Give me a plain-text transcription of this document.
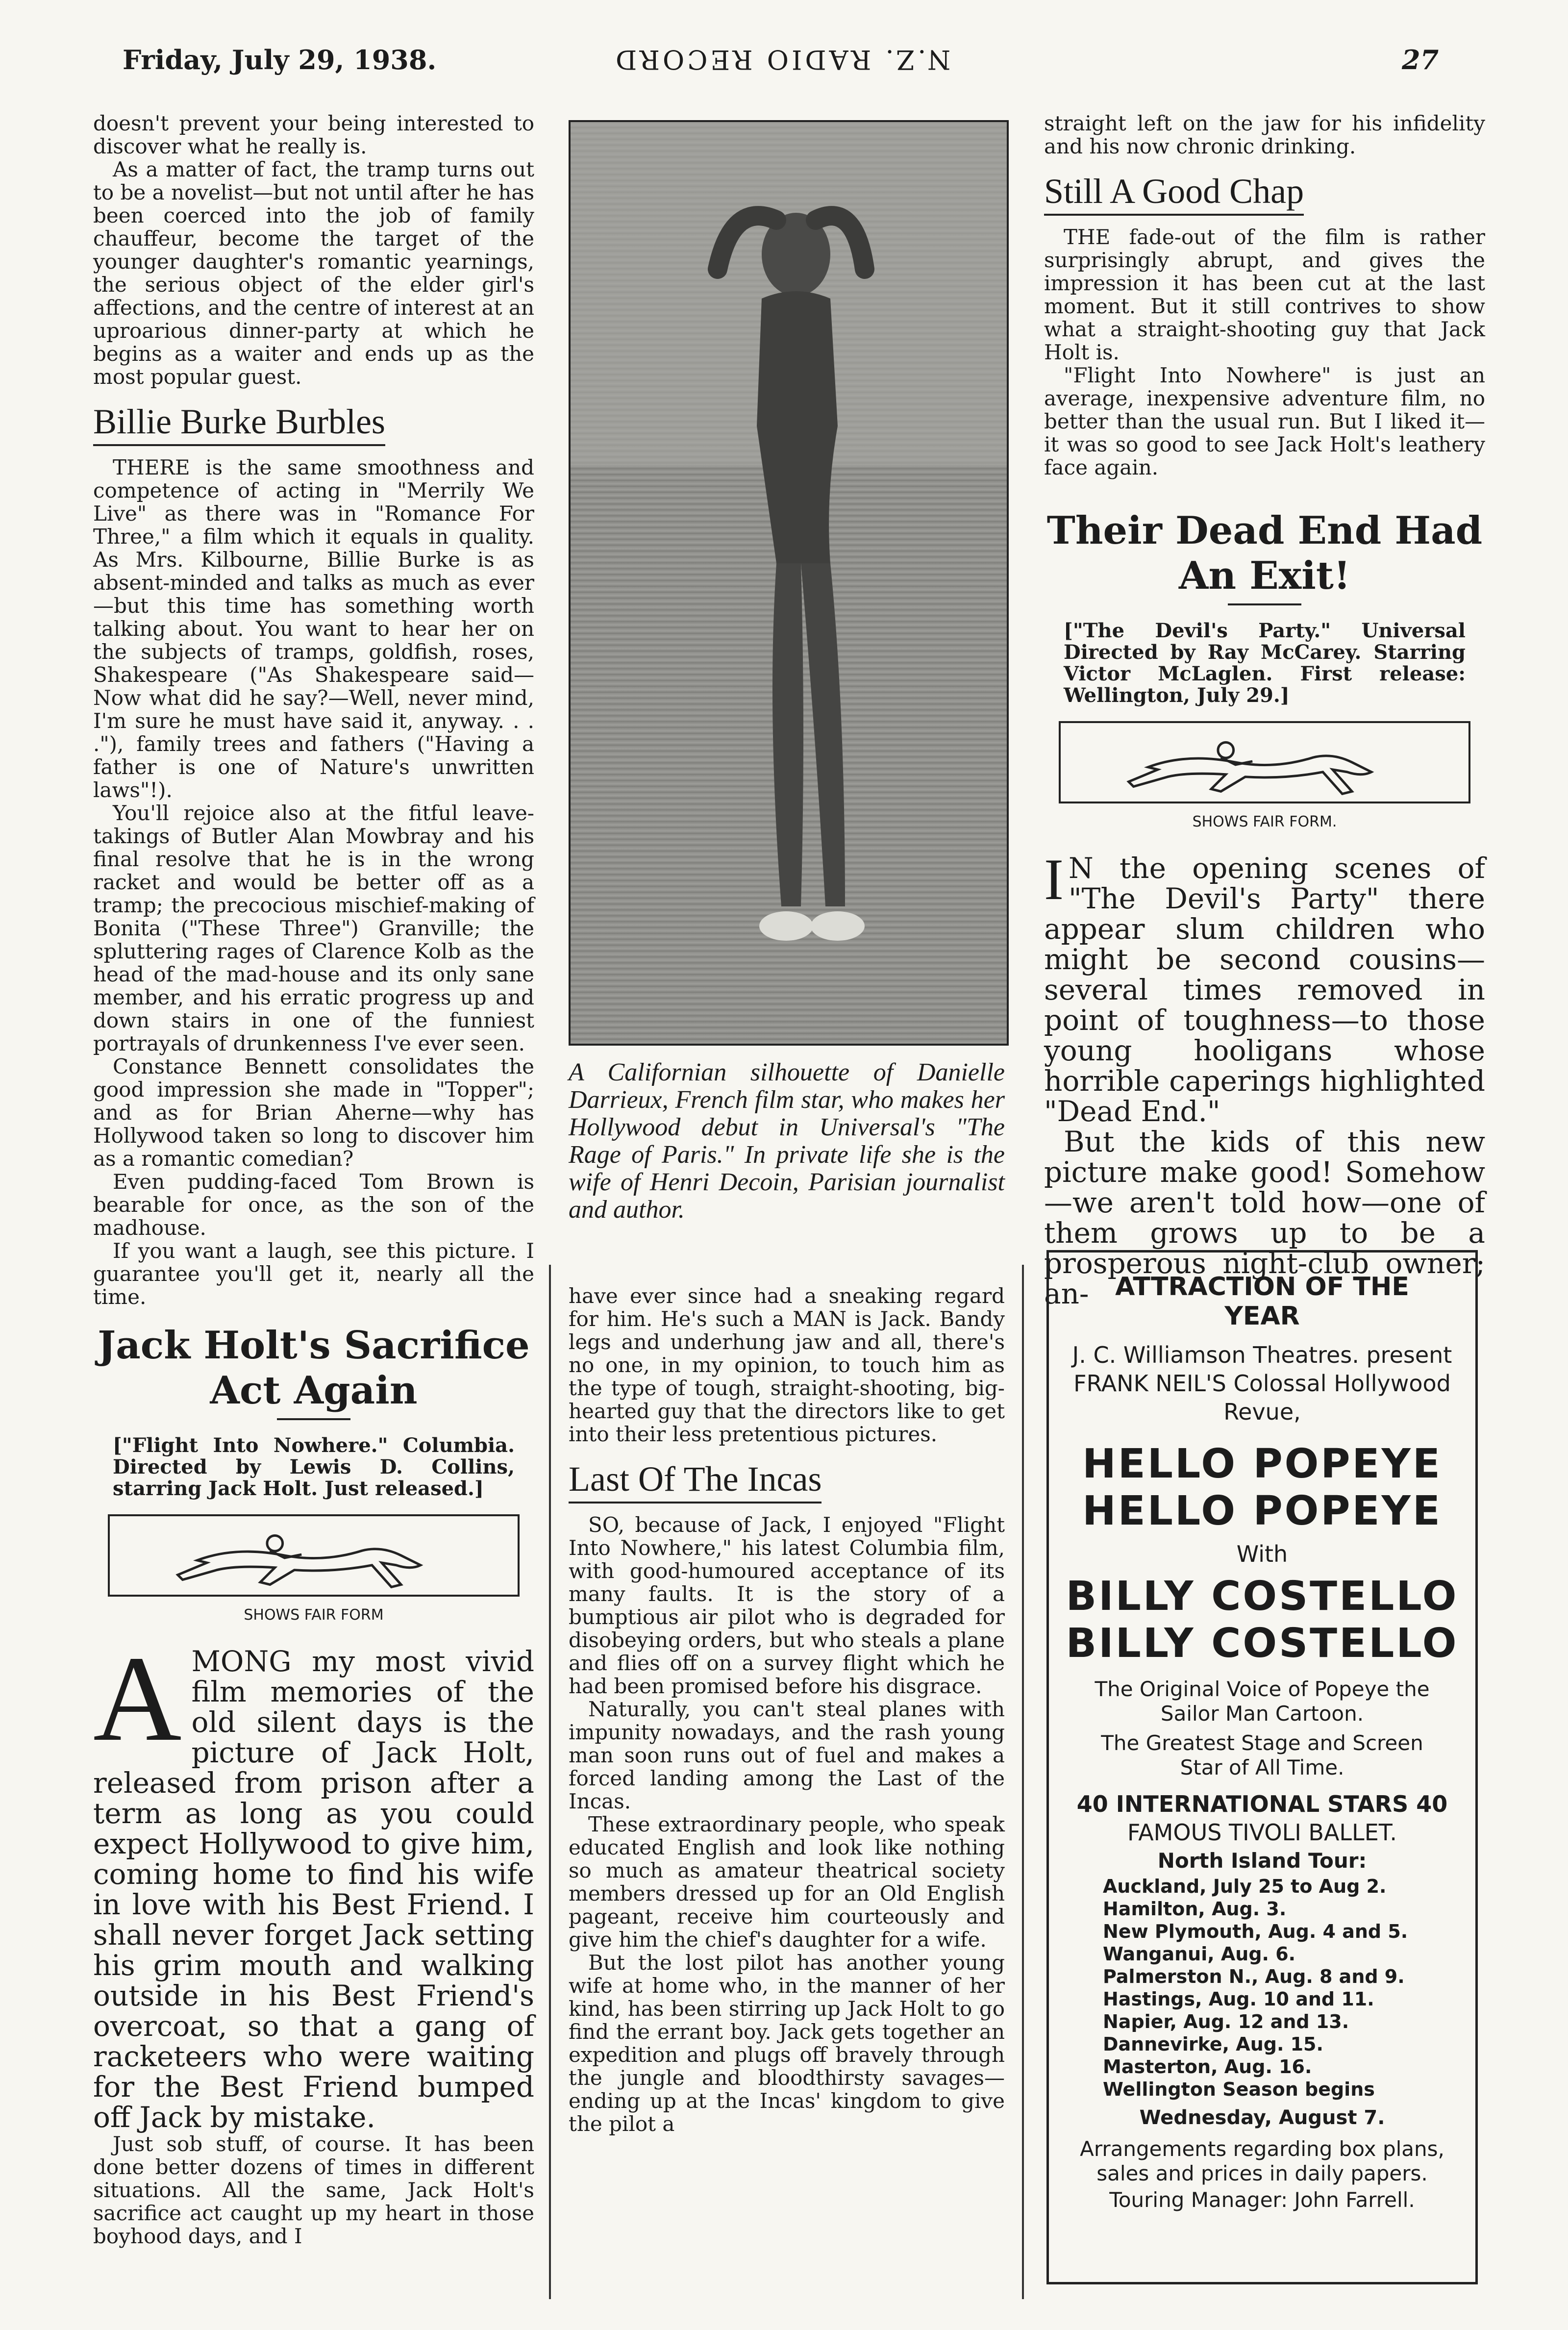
Friday, July 29, 1938.	N.Z. RADIO RECORD	27

doesn't prevent your being interested to discover what he really is.

As a matter of fact, the tramp turns out to be a novelist—but not until after he has been coerced into the job of family chauffeur, become the target of the younger daughter's romantic yearnings, the serious object of the elder girl's affections, and the centre of interest at an uproarious dinner-party at which he begins as a waiter and ends up as the most popular guest.

Billie Burke Burbles

THERE is the same smoothness and competence of acting in "Merrily We Live" as there was in "Romance For Three," a film which it equals in quality. As Mrs. Kilbourne, Billie Burke is as absent-minded and talks as much as ever—but this time has something worth talking about. You want to hear her on the subjects of tramps, goldfish, roses, Shakespeare ("As Shakespeare said—Now what did he say?—Well, never mind, I'm sure he must have said it, anyway. . . ."), family trees and fathers ("Having a father is one of Nature's unwritten laws"!).

You'll rejoice also at the fitful leave-takings of Butler Alan Mowbray and his final resolve that he is in the wrong racket and would be better off as a tramp; the precocious mischief-making of Bonita ("These Three") Granville; the spluttering rages of Clarence Kolb as the head of the mad-house and its only sane member, and his erratic progress up and down stairs in one of the funniest portrayals of drunkenness I've ever seen.

Constance Bennett consolidates the good impression she made in "Topper"; and as for Brian Aherne—why has Hollywood taken so long to discover him as a romantic comedian?

Even pudding-faced Tom Brown is bearable for once, as the son of the madhouse.

If you want a laugh, see this picture. I guarantee you'll get it, nearly all the time.

Jack Holt's Sacrifice Act Again
["Flight Into Nowhere." Columbia. Directed by Lewis D. Collins, starring Jack Holt. Just released.]
SHOWS FAIR FORM
A MONG my most vivid film memories of the old silent days is the picture of Jack Holt, released from prison after a term as long as you could expect Hollywood to give him, coming home to find his wife in love with his Best Friend. I shall never forget Jack setting his grim mouth and walking outside in his Best Friend's overcoat, so that a gang of racketeers who were waiting for the Best Friend bumped off Jack by mistake.

Just sob stuff, of course. It has been done better dozens of times in different situations. All the same, Jack Holt's sacrifice act caught up my heart in those boyhood days, and I

A Californian silhouette of Danielle Darrieux, French film star, who makes her Hollywood debut in Universal's "The Rage of Paris." In private life she is the wife of Henri Decoin, Parisian journalist and author.

have ever since had a sneaking regard for him. He's such a MAN is Jack. Bandy legs and underhung jaw and all, there's no one, in my opinion, to touch him as the type of tough, straight-shooting, big-hearted guy that the directors like to get into their less pretentious pictures.

Last Of The Incas

SO, because of Jack, I enjoyed "Flight Into Nowhere," his latest Columbia film, with good-humoured acceptance of its many faults. It is the story of a bumptious air pilot who is degraded for disobeying orders, but who steals a plane and flies off on a survey flight which he had been promised before his disgrace.

Naturally, you can't steal planes with impunity nowadays, and the rash young man soon runs out of fuel and makes a forced landing among the Last of the Incas.

These extraordinary people, who speak educated English and look like nothing so much as amateur theatrical society members dressed up for an Old English pageant, receive him courteously and give him the chief's daughter for a wife.

But the lost pilot has another young wife at home who, in the manner of her kind, has been stirring up Jack Holt to go find the errant boy. Jack gets together an expedition and plugs off bravely through the jungle and bloodthirsty savages—ending up at the Incas' kingdom to give the pilot a

straight left on the jaw for his infidelity and his now chronic drinking.

Still A Good Chap

THE fade-out of the film is rather surprisingly abrupt, and gives the impression it has been cut at the last moment. But it still contrives to show what a straight-shooting guy that Jack Holt is.

"Flight Into Nowhere" is just an average, inexpensive adventure film, no better than the usual run. But I liked it—it was so good to see Jack Holt's leathery face again.

Their Dead End Had An Exit!
["The Devil's Party." Universal Directed by Ray McCarey. Starring Victor McLaglen. First release: Wellington, July 29.]
SHOWS FAIR FORM.
I N the opening scenes of "The Devil's Party" there appear slum children who might be second cousins—several times removed in point of toughness—to those young hooligans whose horrible caperings highlighted "Dead End."

But the kids of this new picture make good! Somehow—we aren't told how—one of them grows up to be a prosperous night-club owner; an-	ATTRACTION OF THE YEAR
J. C. Williamson Theatres. present FRANK NEIL'S Colossal Hollywood Revue,
HELLO POPEYE
HELLO POPEYE
With
BILLY COSTELLO
BILLY COSTELLO
The Original Voice of Popeye the Sailor Man Cartoon.
The Greatest Stage and Screen Star of All Time.
40 INTERNATIONAL STARS 40
FAMOUS TIVOLI BALLET.
North Island Tour:
Auckland, July 25 to Aug 2.
Hamilton, Aug. 3.
New Plymouth, Aug. 4 and 5.
Wanganui, Aug. 6.
Palmerston N., Aug. 8 and 9.
Hastings, Aug. 10 and 11.
Napier, Aug. 12 and 13.
Dannevirke, Aug. 15.
Masterton, Aug. 16.
Wellington Season begins
Wednesday, August 7.
Arrangements regarding box plans, sales and prices in daily papers.
Touring Manager: John Farrell.
